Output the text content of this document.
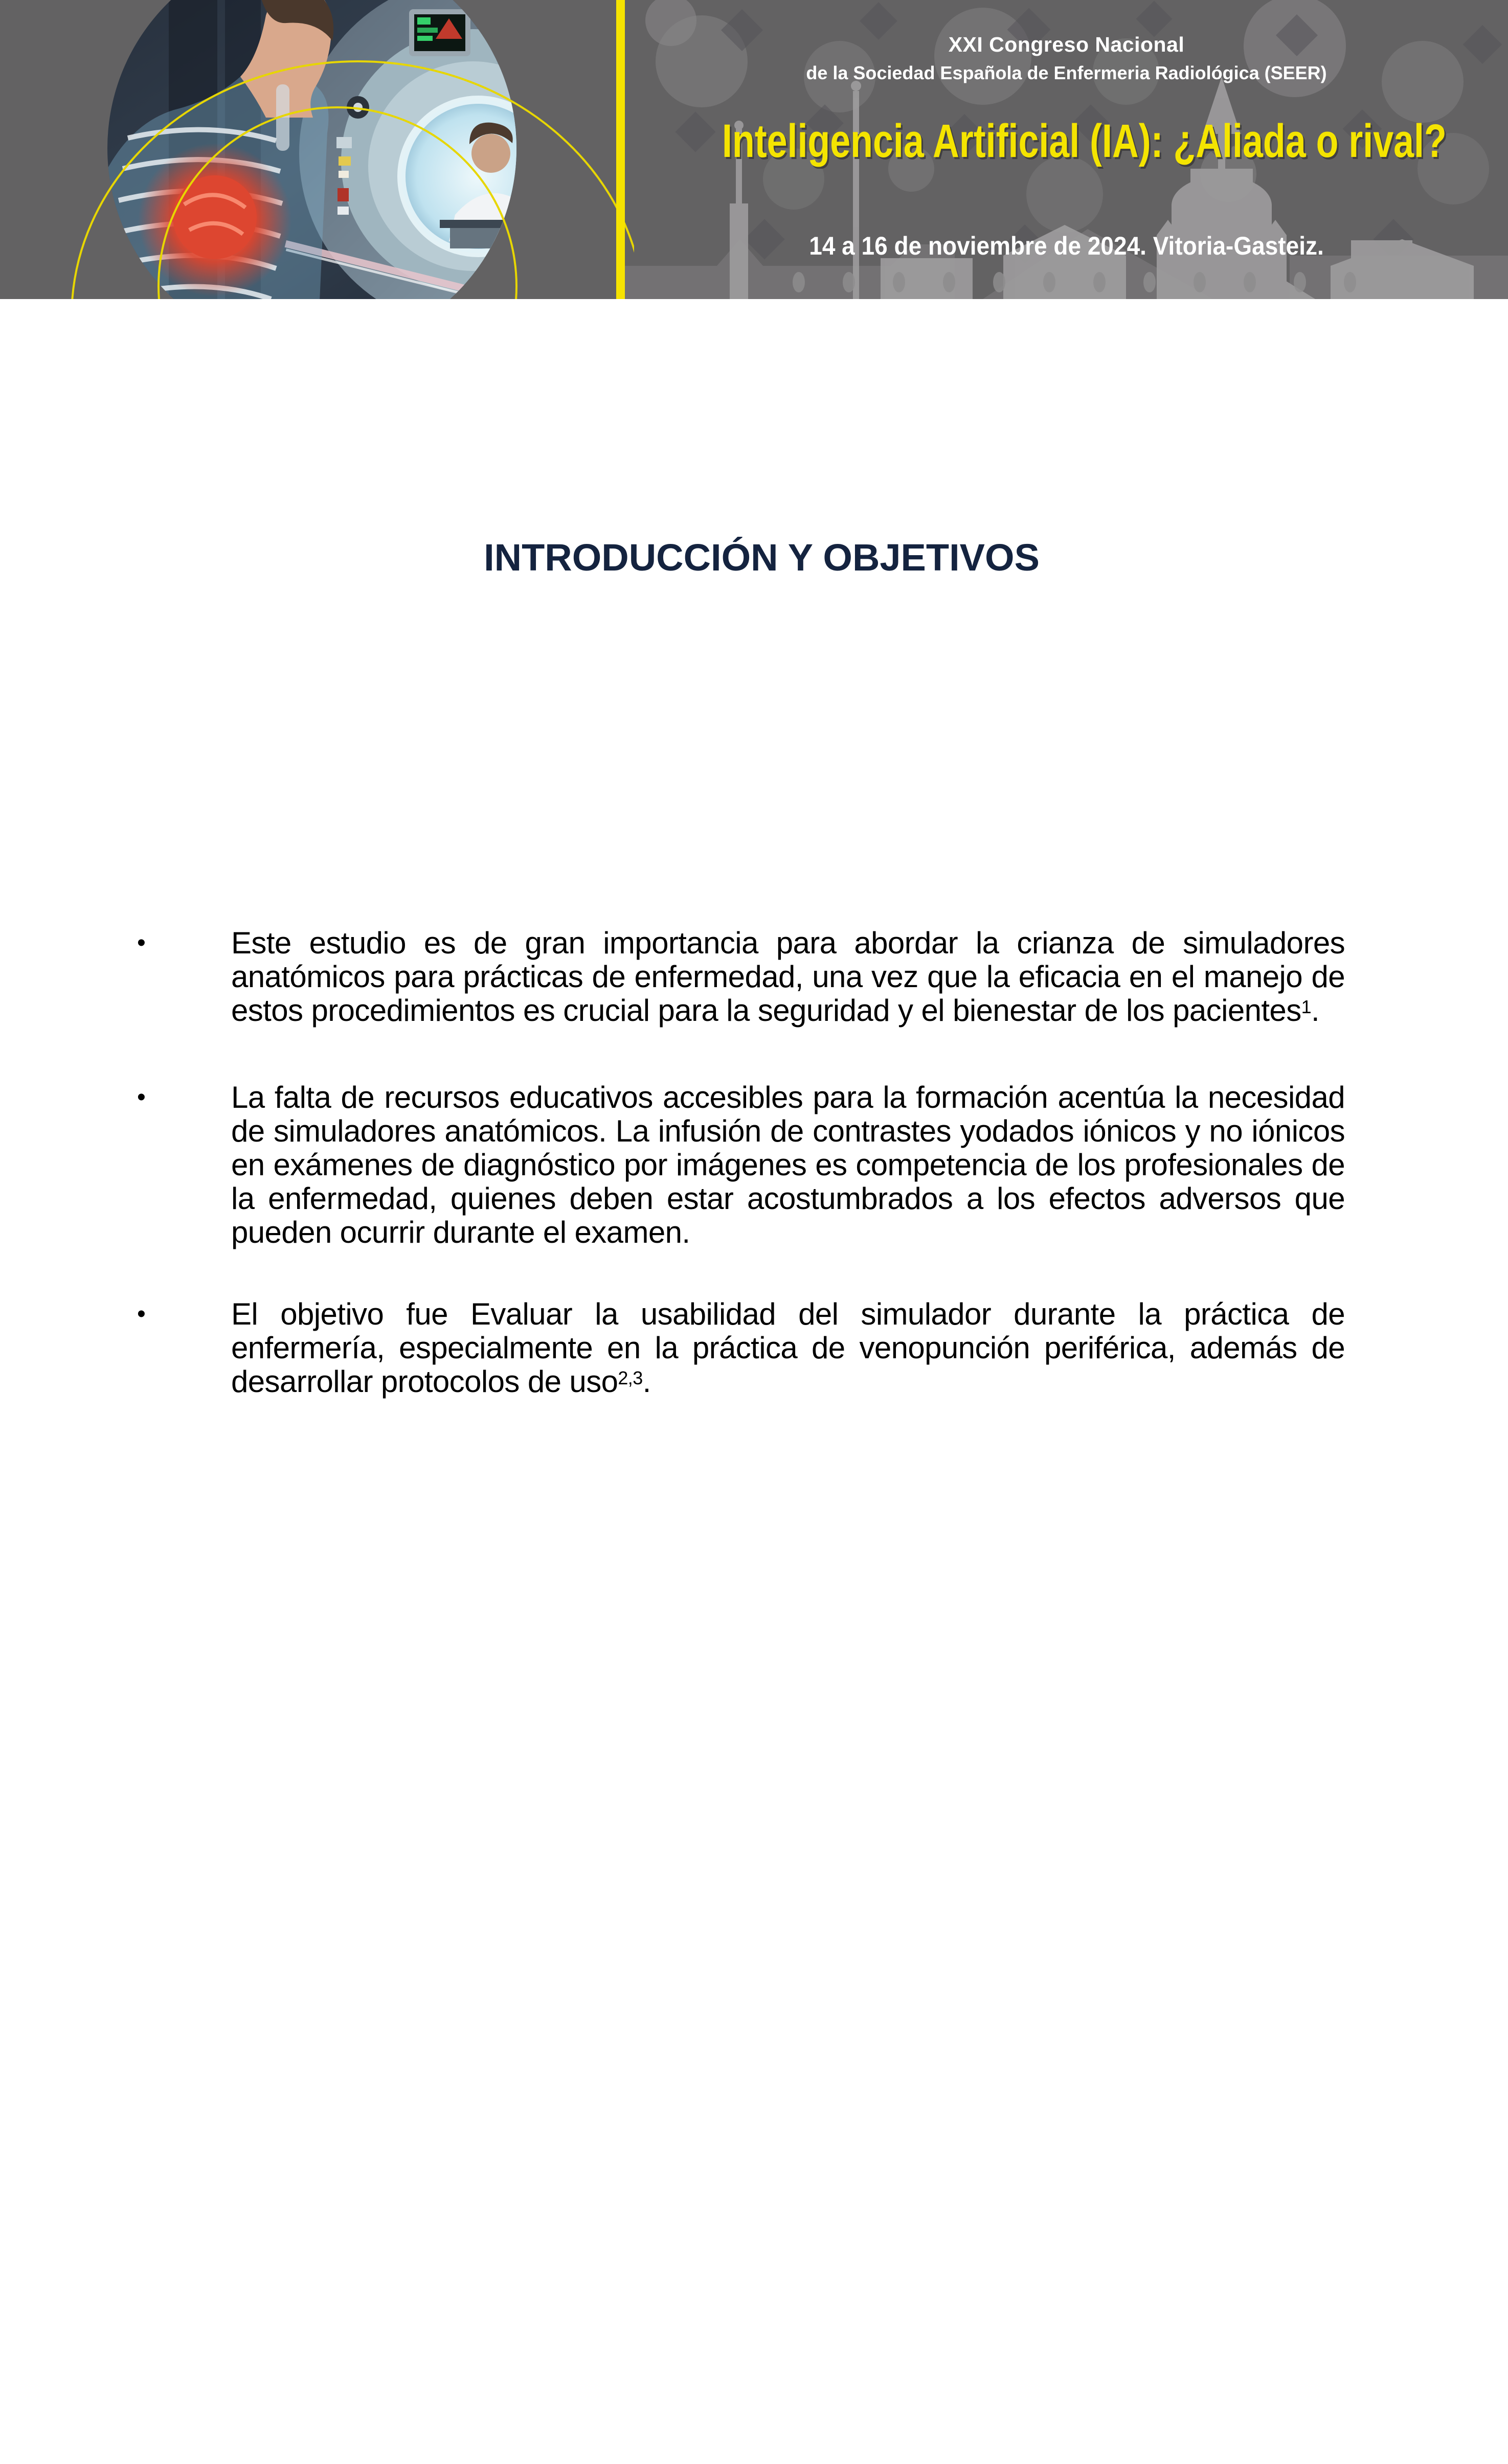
XXI Congreso Nacional
de la Sociedad Española de Enfermeria Radiológica (SEER)
Inteligencia Artificial (IA): ¿Aliada o rival?
14 a 16 de noviembre de 2024. Vitoria-Gasteiz.
INTRODUCCIÓN Y OBJETIVOS
•	Este estudio es de gran importancia para abordar la crianza de simuladores anatómicos para prácticas de enfermedad, una vez que la eficacia en el manejo de estos procedimientos es crucial para la seguridad y el bienestar de los pacientes$^1$.

•	La falta de recursos educativos accesibles para la formación acentúa la necesidad de simuladores anatómicos. La infusión de contrastes yodados iónicos y no iónicos en exámenes de diagnóstico por imágenes es competencia de los profesionales de la enfermedad, quienes deben estar acostumbrados a los efectos adversos que pueden ocurrir durante el examen.

•	El objetivo fue Evaluar la usabilidad del simulador durante la práctica de enfermería, especialmente en la práctica de venopunción periférica, además de desarrollar protocolos de uso$^{2,3}$.
